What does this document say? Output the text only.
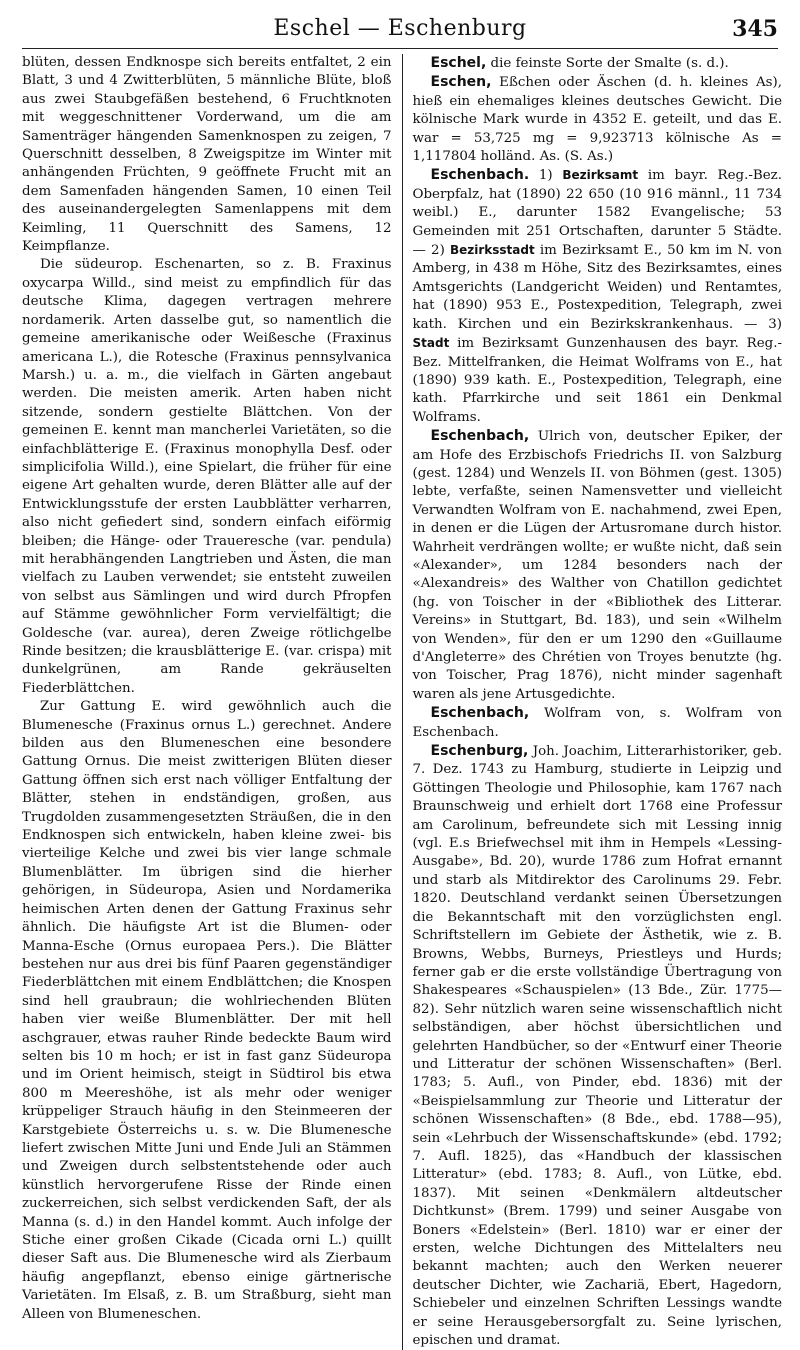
Eschel — Eschenburg	345

blüten, dessen Endknospe sich bereits entfaltet, 2 ein Blatt, 3 und 4 Zwitterblüten, 5 männliche Blüte, bloß aus zwei Staubgefäßen bestehend, 6 Fruchtknoten mit weggeschnittener Vorderwand, um die am Samenträger hängenden Samenknospen zu zeigen, 7 Querschnitt desselben, 8 Zweigspitze im Winter mit anhängenden Früchten, 9 geöffnete Frucht mit an dem Samenfaden hängenden Samen, 10 einen Teil des auseinandergelegten Samenlappens mit dem Keimling, 11 Querschnitt des Samens, 12 Keimpflanze.

Die südeurop. Eschenarten, so z. B. Fraxinus oxycarpa Willd., sind meist zu empfindlich für das deutsche Klima, dagegen vertragen mehrere nordamerik. Arten dasselbe gut, so namentlich die gemeine amerikanische oder Weißesche (Fraxinus americana L.), die Rotesche (Fraxinus pennsylvanica Marsh.) u. a. m., die vielfach in Gärten angebaut werden. Die meisten amerik. Arten haben nicht sitzende, sondern gestielte Blättchen. Von der gemeinen E. kennt man mancherlei Varietäten, so die einfachblätterige E. (Fraxinus monophylla Desf. oder simplicifolia Willd.), eine Spielart, die früher für eine eigene Art gehalten wurde, deren Blätter alle auf der Entwicklungsstufe der ersten Laubblätter verharren, also nicht gefiedert sind, sondern einfach eiförmig bleiben; die Hänge- oder Traueresche (var. pendula) mit herabhängenden Langtrieben und Ästen, die man vielfach zu Lauben verwendet; sie entsteht zuweilen von selbst aus Sämlingen und wird durch Pfropfen auf Stämme gewöhnlicher Form vervielfältigt; die Goldesche (var. aurea), deren Zweige rötlichgelbe Rinde besitzen; die krausblätterige E. (var. crispa) mit dunkelgrünen, am Rande gekräuselten Fiederblättchen.

Zur Gattung E. wird gewöhnlich auch die Blumenesche (Fraxinus ornus L.) gerechnet. Andere bilden aus den Blumeneschen eine besondere Gattung Ornus. Die meist zwitterigen Blüten dieser Gattung öffnen sich erst nach völliger Entfaltung der Blätter, stehen in endständigen, großen, aus Trugdolden zusammengesetzten Sträußen, die in den Endknospen sich entwickeln, haben kleine zwei- bis vierteilige Kelche und zwei bis vier lange schmale Blumenblätter. Im übrigen sind die hierher gehörigen, in Südeuropa, Asien und Nordamerika heimischen Arten denen der Gattung Fraxinus sehr ähnlich. Die häufigste Art ist die Blumen- oder Manna-Esche (Ornus europaea Pers.). Die Blätter bestehen nur aus drei bis fünf Paaren gegenständiger Fiederblättchen mit einem Endblättchen; die Knospen sind hell graubraun; die wohlriechenden Blüten haben vier weiße Blumenblätter. Der mit hell aschgrauer, etwas rauher Rinde bedeckte Baum wird selten bis 10 m hoch; er ist in fast ganz Südeuropa und im Orient heimisch, steigt in Südtirol bis etwa 800 m Meereshöhe, ist als mehr oder weniger krüppeliger Strauch häufig in den Steinmeeren der Karstgebiete Österreichs u. s. w. Die Blumenesche liefert zwischen Mitte Juni und Ende Juli an Stämmen und Zweigen durch selbstentstehende oder auch künstlich hervorgerufene Risse der Rinde einen zuckerreichen, sich selbst verdickenden Saft, der als Manna (s. d.) in den Handel kommt. Auch infolge der Stiche einer großen Cikade (Cicada orni L.) quillt dieser Saft aus. Die Blumenesche wird als Zierbaum häufig angepflanzt, ebenso einige gärtnerische Varietäten. Im Elsaß, z. B. um Straßburg, sieht man Alleen von Blumeneschen.

Eschel, die feinste Sorte der Smalte (s. d.).

Eschen, Eßchen oder Äschen (d. h. kleines As), hieß ein ehemaliges kleines deutsches Gewicht. Die kölnische Mark wurde in 4352 E. geteilt, und das E. war = 53,725 mg = 9,923713 kölnische As = 1,117804 holländ. As. (S. As.)

Eschenbach. 1) Bezirksamt im bayr. Reg.-Bez. Oberpfalz, hat (1890) 22 650 (10 916 männl., 11 734 weibl.) E., darunter 1582 Evangelische; 53 Gemeinden mit 251 Ortschaften, darunter 5 Städte. — 2) Bezirksstadt im Bezirksamt E., 50 km im N. von Amberg, in 438 m Höhe, Sitz des Bezirksamtes, eines Amtsgerichts (Landgericht Weiden) und Rentamtes, hat (1890) 953 E., Postexpedition, Telegraph, zwei kath. Kirchen und ein Bezirkskrankenhaus. — 3) Stadt im Bezirksamt Gunzenhausen des bayr. Reg.-Bez. Mittelfranken, die Heimat Wolframs von E., hat (1890) 939 kath. E., Postexpedition, Telegraph, eine kath. Pfarrkirche und seit 1861 ein Denkmal Wolframs.

Eschenbach, Ulrich von, deutscher Epiker, der am Hofe des Erzbischofs Friedrichs II. von Salzburg (gest. 1284) und Wenzels II. von Böhmen (gest. 1305) lebte, verfaßte, seinen Namensvetter und vielleicht Verwandten Wolfram von E. nachahmend, zwei Epen, in denen er die Lügen der Artusromane durch histor. Wahrheit verdrängen wollte; er wußte nicht, daß sein «Alexander», um 1284 besonders nach der «Alexandreis» des Walther von Chatillon gedichtet (hg. von Toischer in der «Bibliothek des Litterar. Vereins» in Stuttgart, Bd. 183), und sein «Wilhelm von Wenden», für den er um 1290 den «Guillaume d'Angleterre» des Chrétien von Troyes benutzte (hg. von Toischer, Prag 1876), nicht minder sagenhaft waren als jene Artusgedichte.

Eschenbach, Wolfram von, s. Wolfram von Eschenbach.

Eschenburg, Joh. Joachim, Litterarhistoriker, geb. 7. Dez. 1743 zu Hamburg, studierte in Leipzig und Göttingen Theologie und Philosophie, kam 1767 nach Braunschweig und erhielt dort 1768 eine Professur am Carolinum, befreundete sich mit Lessing innig (vgl. E.s Briefwechsel mit ihm in Hempels «Lessing-Ausgabe», Bd. 20), wurde 1786 zum Hofrat ernannt und starb als Mitdirektor des Carolinums 29. Febr. 1820. Deutschland verdankt seinen Übersetzungen die Bekanntschaft mit den vorzüglichsten engl. Schriftstellern im Gebiete der Ästhetik, wie z. B. Browns, Webbs, Burneys, Priestleys und Hurds; ferner gab er die erste vollständige Übertragung von Shakespeares «Schauspielen» (13 Bde., Zür. 1775—82). Sehr nützlich waren seine wissenschaftlich nicht selbständigen, aber höchst übersichtlichen und gelehrten Handbücher, so der «Entwurf einer Theorie und Litteratur der schönen Wissenschaften» (Berl. 1783; 5. Aufl., von Pinder, ebd. 1836) mit der «Beispielsammlung zur Theorie und Litteratur der schönen Wissenschaften» (8 Bde., ebd. 1788—95), sein «Lehrbuch der Wissenschaftskunde» (ebd. 1792; 7. Aufl. 1825), das «Handbuch der klassischen Litteratur» (ebd. 1783; 8. Aufl., von Lütke, ebd. 1837). Mit seinen «Denkmälern altdeutscher Dichtkunst» (Brem. 1799) und seiner Ausgabe von Boners «Edelstein» (Berl. 1810) war er einer der ersten, welche Dichtungen des Mittelalters neu bekannt machten; auch den Werken neuerer deutscher Dichter, wie Zachariä, Ebert, Hagedorn, Schiebeler und einzelnen Schriften Lessings wandte er seine Herausgebersorgfalt zu. Seine lyrischen, epischen und dramat.
